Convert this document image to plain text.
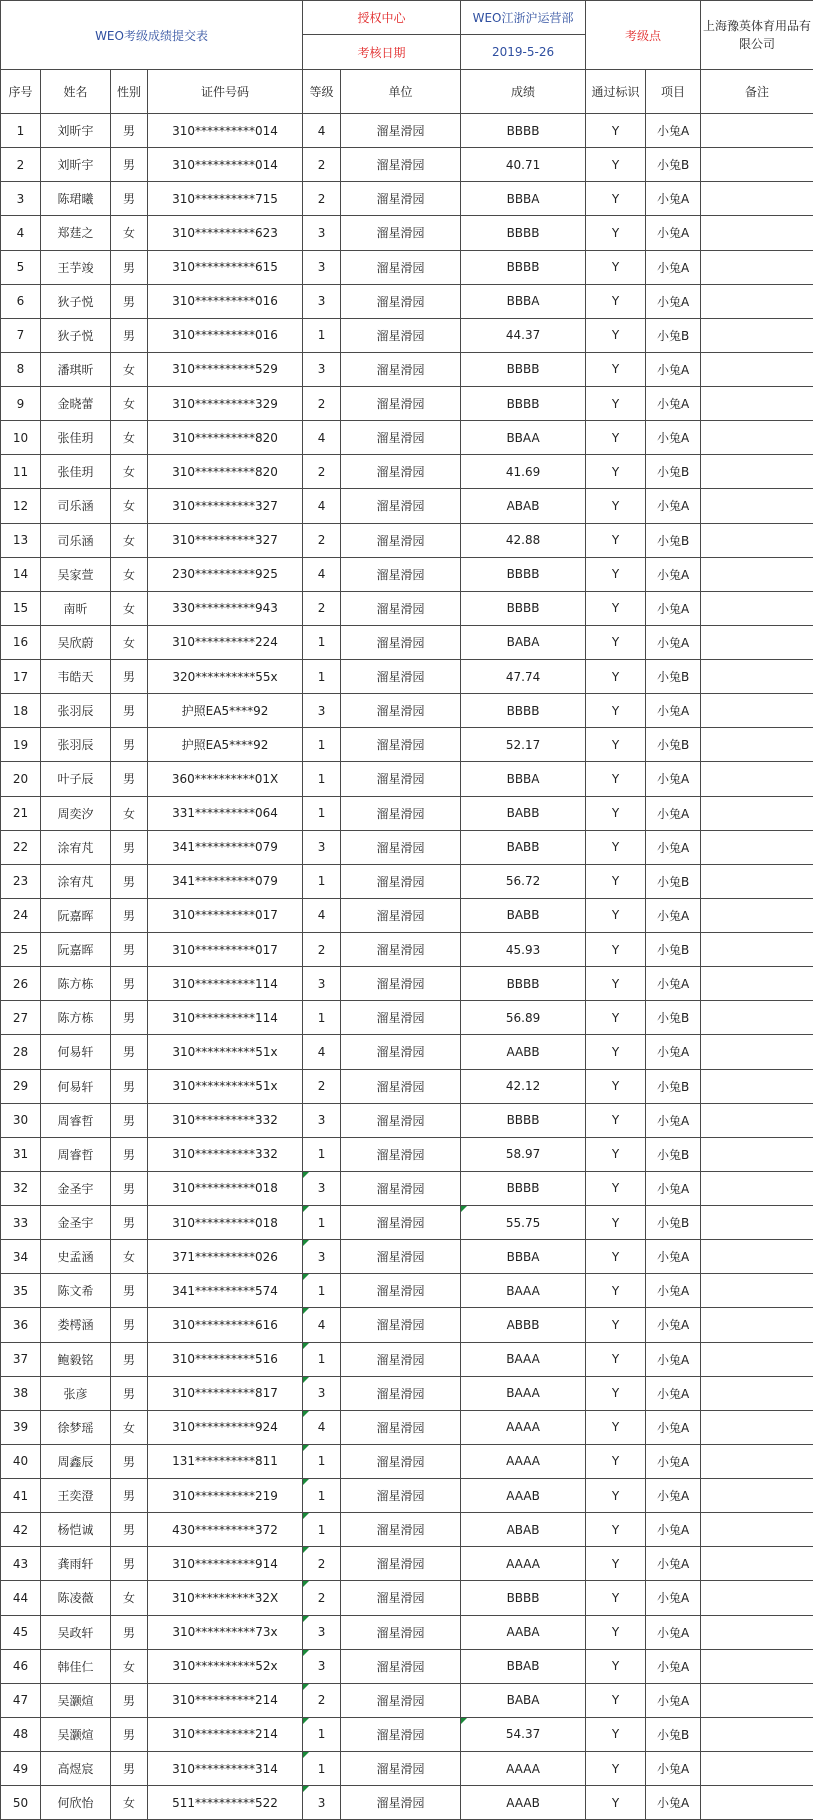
WEO考级成绩提交表				授权中心		WEO江浙沪运营部	考级点		上海豫英体育用品有限公司
				考核日期		2019-5-26			
序号	姓名	性别	证件号码	等级	单位	成绩	通过标识	项目	备注
1	刘昕宇	男	310**********014	4	溜星滑园	BBBB	Y	小兔A	
2	刘昕宇	男	310**********014	2	溜星滑园	40.71	Y	小兔B	
3	陈珺曦	男	310**********715	2	溜星滑园	BBBA	Y	小兔A	
4	郑莛之	女	310**********623	3	溜星滑园	BBBB	Y	小兔A	
5	王芋竣	男	310**********615	3	溜星滑园	BBBB	Y	小兔A	
6	狄子悦	男	310**********016	3	溜星滑园	BBBA	Y	小兔A	
7	狄子悦	男	310**********016	1	溜星滑园	44.37	Y	小兔B	
8	潘琪昕	女	310**********529	3	溜星滑园	BBBB	Y	小兔A	
9	金晓蕾	女	310**********329	2	溜星滑园	BBBB	Y	小兔A	
10	张佳玥	女	310**********820	4	溜星滑园	BBAA	Y	小兔A	
11	张佳玥	女	310**********820	2	溜星滑园	41.69	Y	小兔B	
12	司乐涵	女	310**********327	4	溜星滑园	ABAB	Y	小兔A	
13	司乐涵	女	310**********327	2	溜星滑园	42.88	Y	小兔B	
14	吴家萱	女	230**********925	4	溜星滑园	BBBB	Y	小兔A	
15	南昕	女	330**********943	2	溜星滑园	BBBB	Y	小兔A	
16	吴欣蔚	女	310**********224	1	溜星滑园	BABA	Y	小兔A	
17	韦皓天	男	320**********55x	1	溜星滑园	47.74	Y	小兔B	
18	张羽辰	男	护照EA5****92	3	溜星滑园	BBBB	Y	小兔A	
19	张羽辰	男	护照EA5****92	1	溜星滑园	52.17	Y	小兔B	
20	叶子辰	男	360**********01X	1	溜星滑园	BBBA	Y	小兔A	
21	周奕汐	女	331**********064	1	溜星滑园	BABB	Y	小兔A	
22	涂宥芃	男	341**********079	3	溜星滑园	BABB	Y	小兔A	
23	涂宥芃	男	341**********079	1	溜星滑园	56.72	Y	小兔B	
24	阮嘉晖	男	310**********017	4	溜星滑园	BABB	Y	小兔A	
25	阮嘉晖	男	310**********017	2	溜星滑园	45.93	Y	小兔B	
26	陈方栋	男	310**********114	3	溜星滑园	BBBB	Y	小兔A	
27	陈方栋	男	310**********114	1	溜星滑园	56.89	Y	小兔B	
28	何易轩	男	310**********51x	4	溜星滑园	AABB	Y	小兔A	
29	何易轩	男	310**********51x	2	溜星滑园	42.12	Y	小兔B	
30	周睿哲	男	310**********332	3	溜星滑园	BBBB	Y	小兔A	
31	周睿哲	男	310**********332	1	溜星滑园	58.97	Y	小兔B	
32	金圣宇	男	310**********018	3	溜星滑园	BBBB	Y	小兔A	
33	金圣宇	男	310**********018	1	溜星滑园	55.75	Y	小兔B	
34	史孟涵	女	371**********026	3	溜星滑园	BBBA	Y	小兔A	
35	陈文希	男	341**********574	1	溜星滑园	BAAA	Y	小兔A	
36	娄樗涵	男	310**********616	4	溜星滑园	ABBB	Y	小兔A	
37	鲍毅铭	男	310**********516	1	溜星滑园	BAAA	Y	小兔A	
38	张彦	男	310**********817	3	溜星滑园	BAAA	Y	小兔A	
39	徐梦瑶	女	310**********924	4	溜星滑园	AAAA	Y	小兔A	
40	周鑫辰	男	131**********811	1	溜星滑园	AAAA	Y	小兔A	
41	王奕澄	男	310**********219	1	溜星滑园	AAAB	Y	小兔A	
42	杨恺诚	男	430**********372	1	溜星滑园	ABAB	Y	小兔A	
43	龚雨轩	男	310**********914	2	溜星滑园	AAAA	Y	小兔A	
44	陈凌薇	女	310**********32X	2	溜星滑园	BBBB	Y	小兔A	
45	吴政轩	男	310**********73x	3	溜星滑园	AABA	Y	小兔A	
46	韩佳仁	女	310**********52x	3	溜星滑园	BBAB	Y	小兔A	
47	吴灏煊	男	310**********214	2	溜星滑园	BABA	Y	小兔A	
48	吴灏煊	男	310**********214	1	溜星滑园	54.37	Y	小兔B	
49	高煜宸	男	310**********314	1	溜星滑园	AAAA	Y	小兔A	
50	何欣怡	女	511**********522	3	溜星滑园	AAAB	Y	小兔A	
